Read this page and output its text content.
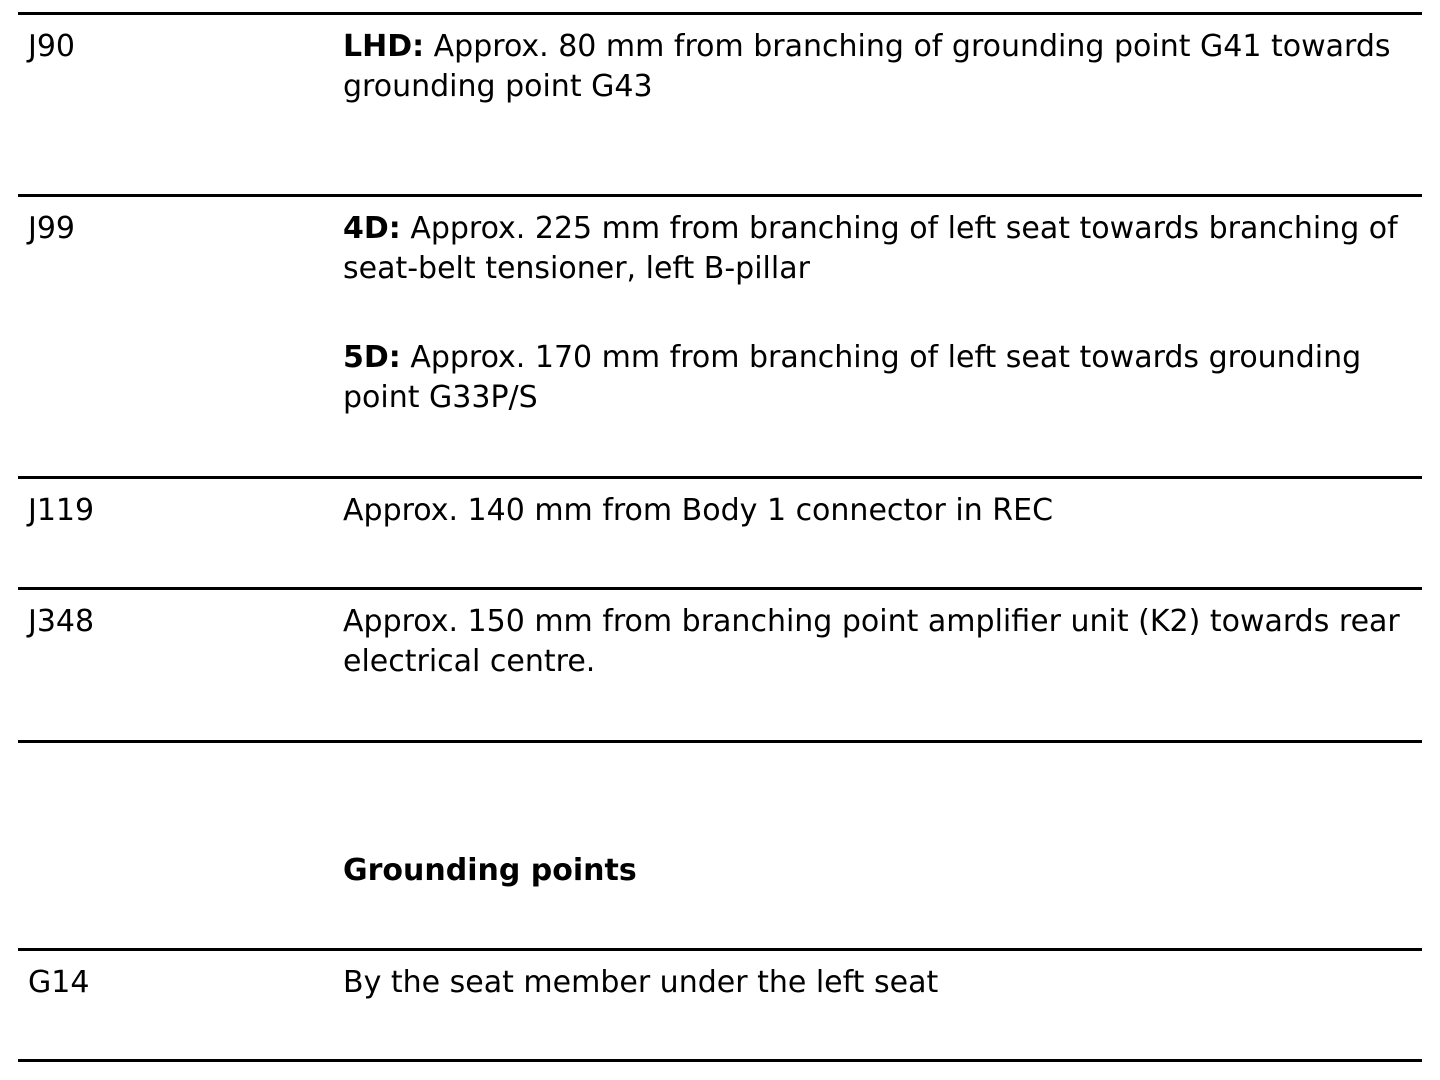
J90	LHD: Approx. 80 mm from branching of grounding point G41 towards grounding point G43

J99	4D: Approx. 225 mm from branching of left seat towards branching of seat-belt tensioner, left B-pillar

5D: Approx. 170 mm from branching of left seat towards grounding point G33P/S

J119	Approx. 140 mm from Body 1 connector in REC
J348	Approx. 150 mm from branching point amplifier unit (K2) towards rear electrical centre.
Grounding points
G14	By the seat member under the left seat
